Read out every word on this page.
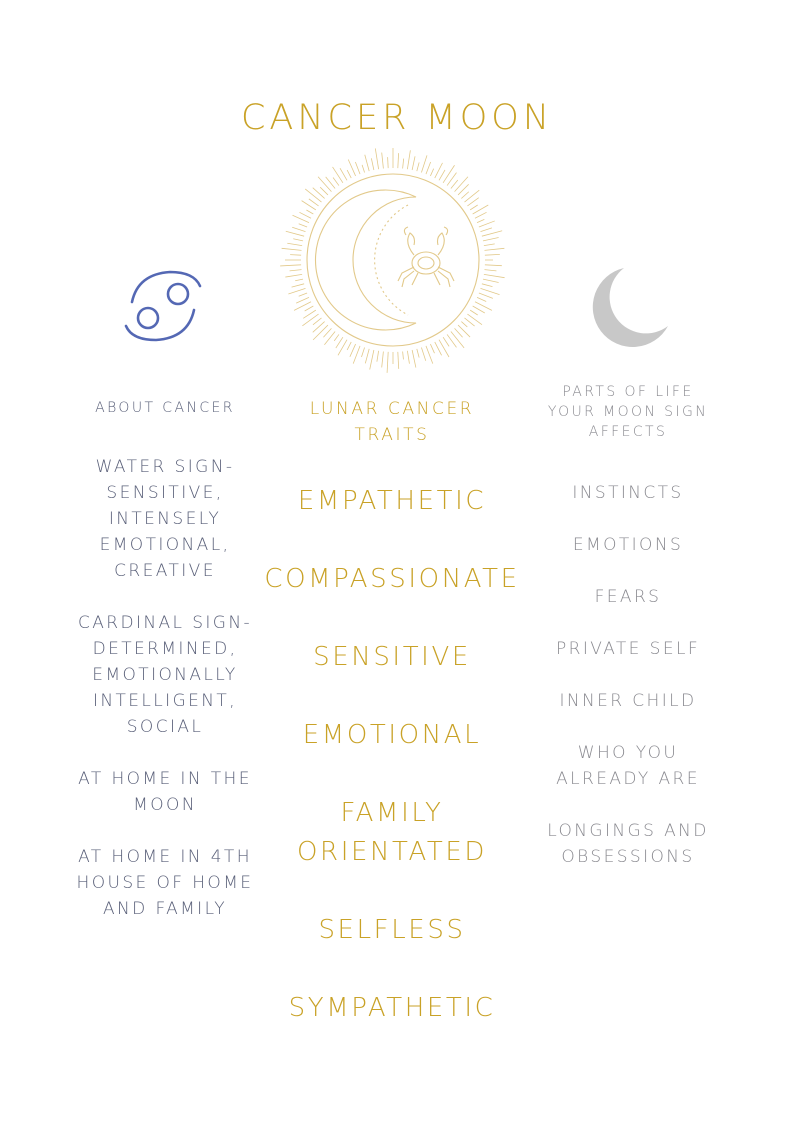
CANCER MOON

ABOUT CANCER

WATER SIGN-
SENSITIVE,
INTENSELY
EMOTIONAL,
CREATIVE
CARDINAL SIGN-
DETERMINED,
EMOTIONALLY
INTELLIGENT,
SOCIAL
AT HOME IN THE
MOON
AT HOME IN 4TH
HOUSE OF HOME
AND FAMILY
LUNAR CANCER
TRAITS
EMPATHETIC
COMPASSIONATE
SENSITIVE
EMOTIONAL
FAMILY
ORIENTATED
SELFLESS
SYMPATHETIC
PARTS OF LIFE
YOUR MOON SIGN
AFFECTS
INSTINCTS
EMOTIONS
FEARS
PRIVATE SELF
INNER CHILD
WHO YOU
ALREADY ARE
LONGINGS AND
OBSESSIONS
